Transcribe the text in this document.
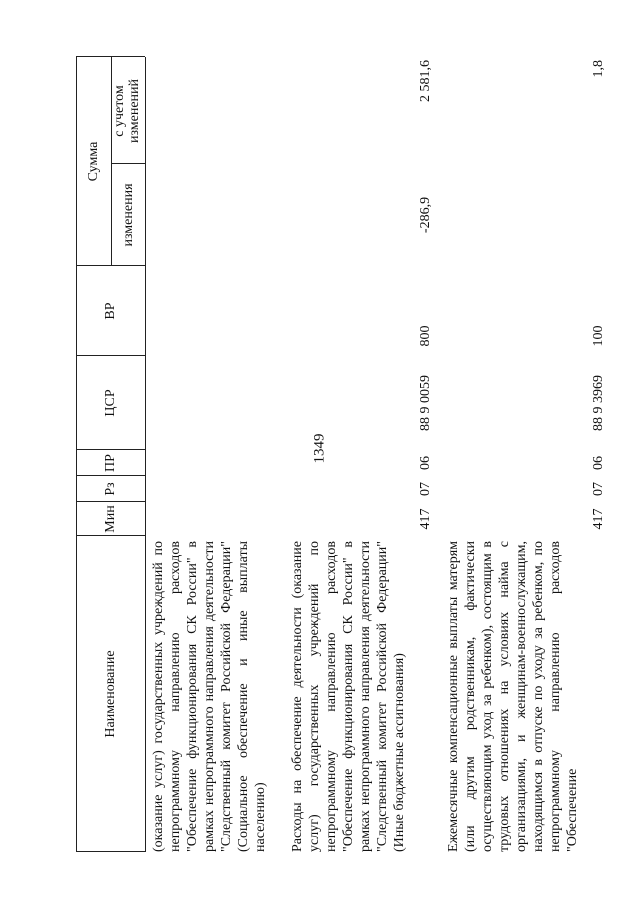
1349
Наименование
Мин
Рз
ПР
ЦСР
ВР
Сумма
изменения
с учетом изменений
(оказание услуг) государственных учреждений по непрограммному направлению расходов "Обеспечение функционирования СК России" в рамках непрограммного направления деятельности "Следственный комитет Российской Федерации" (Социальное обеспечение и иные выплаты населению) Расходы на обеспечение деятельности (оказание услуг) государственных учреждений по непрограммному направлению расходов "Обеспечение функционирования СК России" в рамках непрограммного направления деятельности "Следственный комитет Российской Федерации" (Иные бюджетные ассигнования)
417
07
06
88 9 0059
800
-286,9
2 581,6
Ежемесячные компенсационные выплаты матерям (или другим родственникам, фактически осуществляющим уход за ребенком), состоящим в трудовых отношениях на условиях найма с организациями, и женщинам-военнослужащим, находящимся в отпуске по уходу за ребенком, по непрограммному направлению расходов "Обеспечение
417
07
06
88 9 3969
100
1,8
